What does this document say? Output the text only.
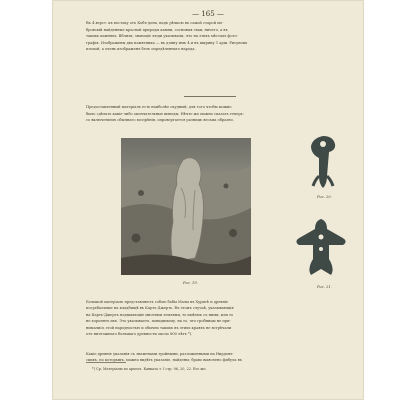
— 165 —
Въ 4 верст. къ востоку отъ Кобъ-дона, надъ рѣчкою въ самой старой мо-
бровскій найденные красной природы камни, сосновыя сваи, ничего, а въ
такихъ камняхъ. Вблизи, знающіе люди указывали, что на этихъ мѣстахъ фото-
графія. Изображены два памятника — въ длину имъ 4 и въ ширину 1 арш. Рисунокъ
плохой, а очень изображенъ безъ опредѣленнаго народа.
Предоставленный матеріалъ есть наиболѣе скудный, для того чтобы можно
было сдѣлать какіе-либо окончательные выводы. Нѣчто же можно сказать теперь:
со включеніемъ обычнаго воззрѣнія, опровергается разницъ весьма образно.
Рис. 19.
Рис. 20.
Рис. 21.

Большой матеріалъ представляютъ собою бабы Малы въ Хурисѣ и древніе
погребальные на кладбищѣ въ Карть-Джерть. Въ этомъ случаѣ, указывающія
на Карть-Джерть подымающіе многими землями, то имѣемъ съ ними, или то
не хоронятъ ихъ. Это указываетъ, повидимому, на то, что гробницы не при-
нимались этой народностью и обычно такихъ въ этихъ краяхъ не встрѣчали
отъ ничтожнаго большаго древности около 800 лѣтъ *).

Какіе древніе указанія съ знаменами тройными, разложенными на Нирдовъ-
скихъ, по которымъ, можно видѣть указаніе, найдены; браво выяснено фибула въ

*) Ср. Матеріалы по археол. Кавказа т. I стр. 96, 20, 22. Его же.
